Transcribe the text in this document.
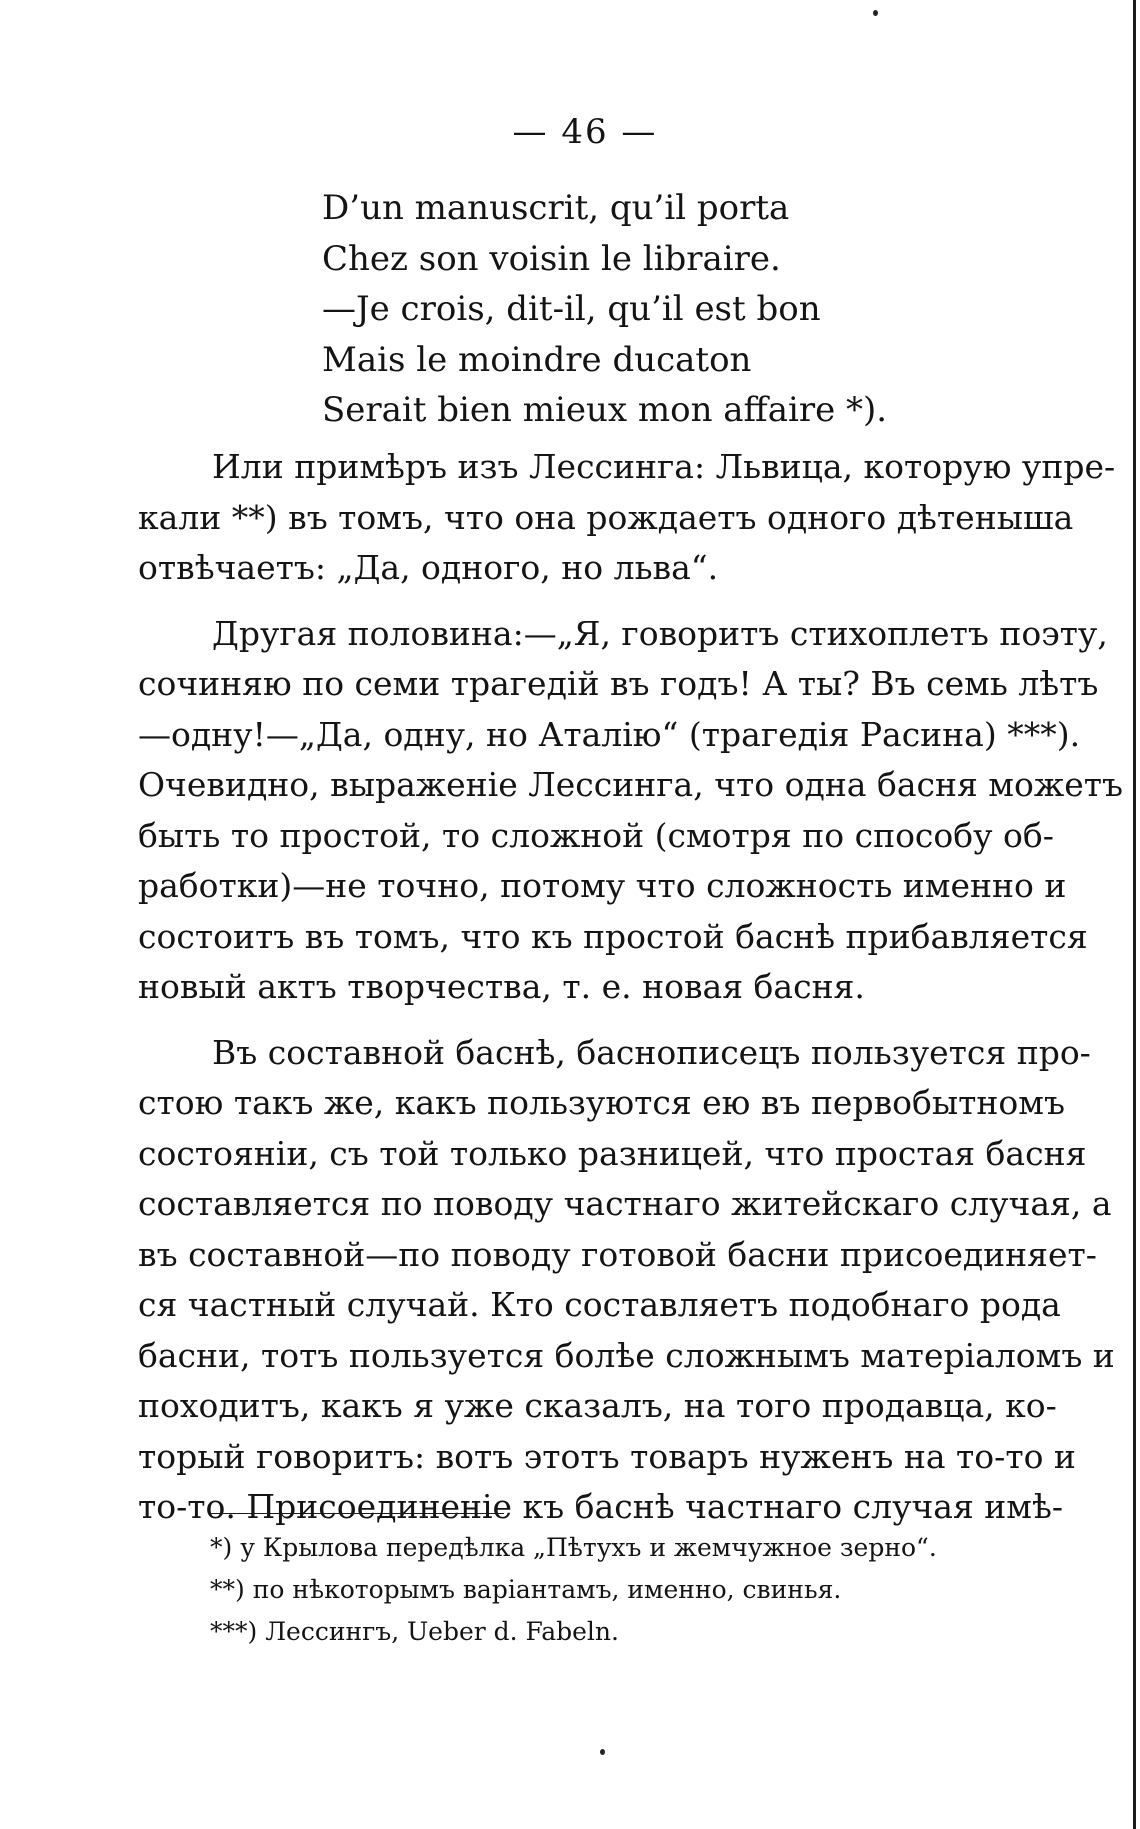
— 46 —
D’un manuscrit, qu’il porta
Chez son voisin le libraire.
—Je crois, dit-il, qu’il est bon
Mais le moindre ducaton
Serait bien mieux mon affaire *).
Или примѣръ изъ Лессинга: Львица, которую упре-
кали **) въ томъ, что она рождаетъ одного дѣтеныша
отвѣчаетъ: „Да, одного, но льва“.
Другая половина:—„Я, говоритъ стихоплетъ поэту,
сочиняю по семи трагедій въ годъ! А ты? Въ семь лѣтъ
—одну!—„Да, одну, но Аталію“ (трагедія Расина) ***).
Очевидно, выраженіе Лессинга, что одна басня можетъ
быть то простой, то сложной (смотря по способу об-
работки)—не точно, потому что сложность именно и
состоитъ въ томъ, что къ простой баснѣ прибавляется
новый актъ творчества, т. е. новая басня.
Въ составной баснѣ, баснописецъ пользуется про-
стою такъ же, какъ пользуются ею въ первобытномъ
состояніи, съ той только разницей, что простая басня
составляется по поводу частнаго житейскаго случая, а
въ составной—по поводу готовой басни присоединяет-
ся частный случай. Кто составляетъ подобнаго рода
басни, тотъ пользуется болѣе сложнымъ матеріаломъ и
походитъ, какъ я уже сказалъ, на того продавца, ко-
торый говоритъ: вотъ этотъ товаръ нуженъ на то-то и
то-то. Присоединеніе къ баснѣ частнаго случая имѣ-
*) у Крылова передѣлка „Пѣтухъ и жемчужное зерно“.
**) по нѣкоторымъ варіантамъ, именно, свинья.
***) Лессингъ, Ueber d. Fabeln.
